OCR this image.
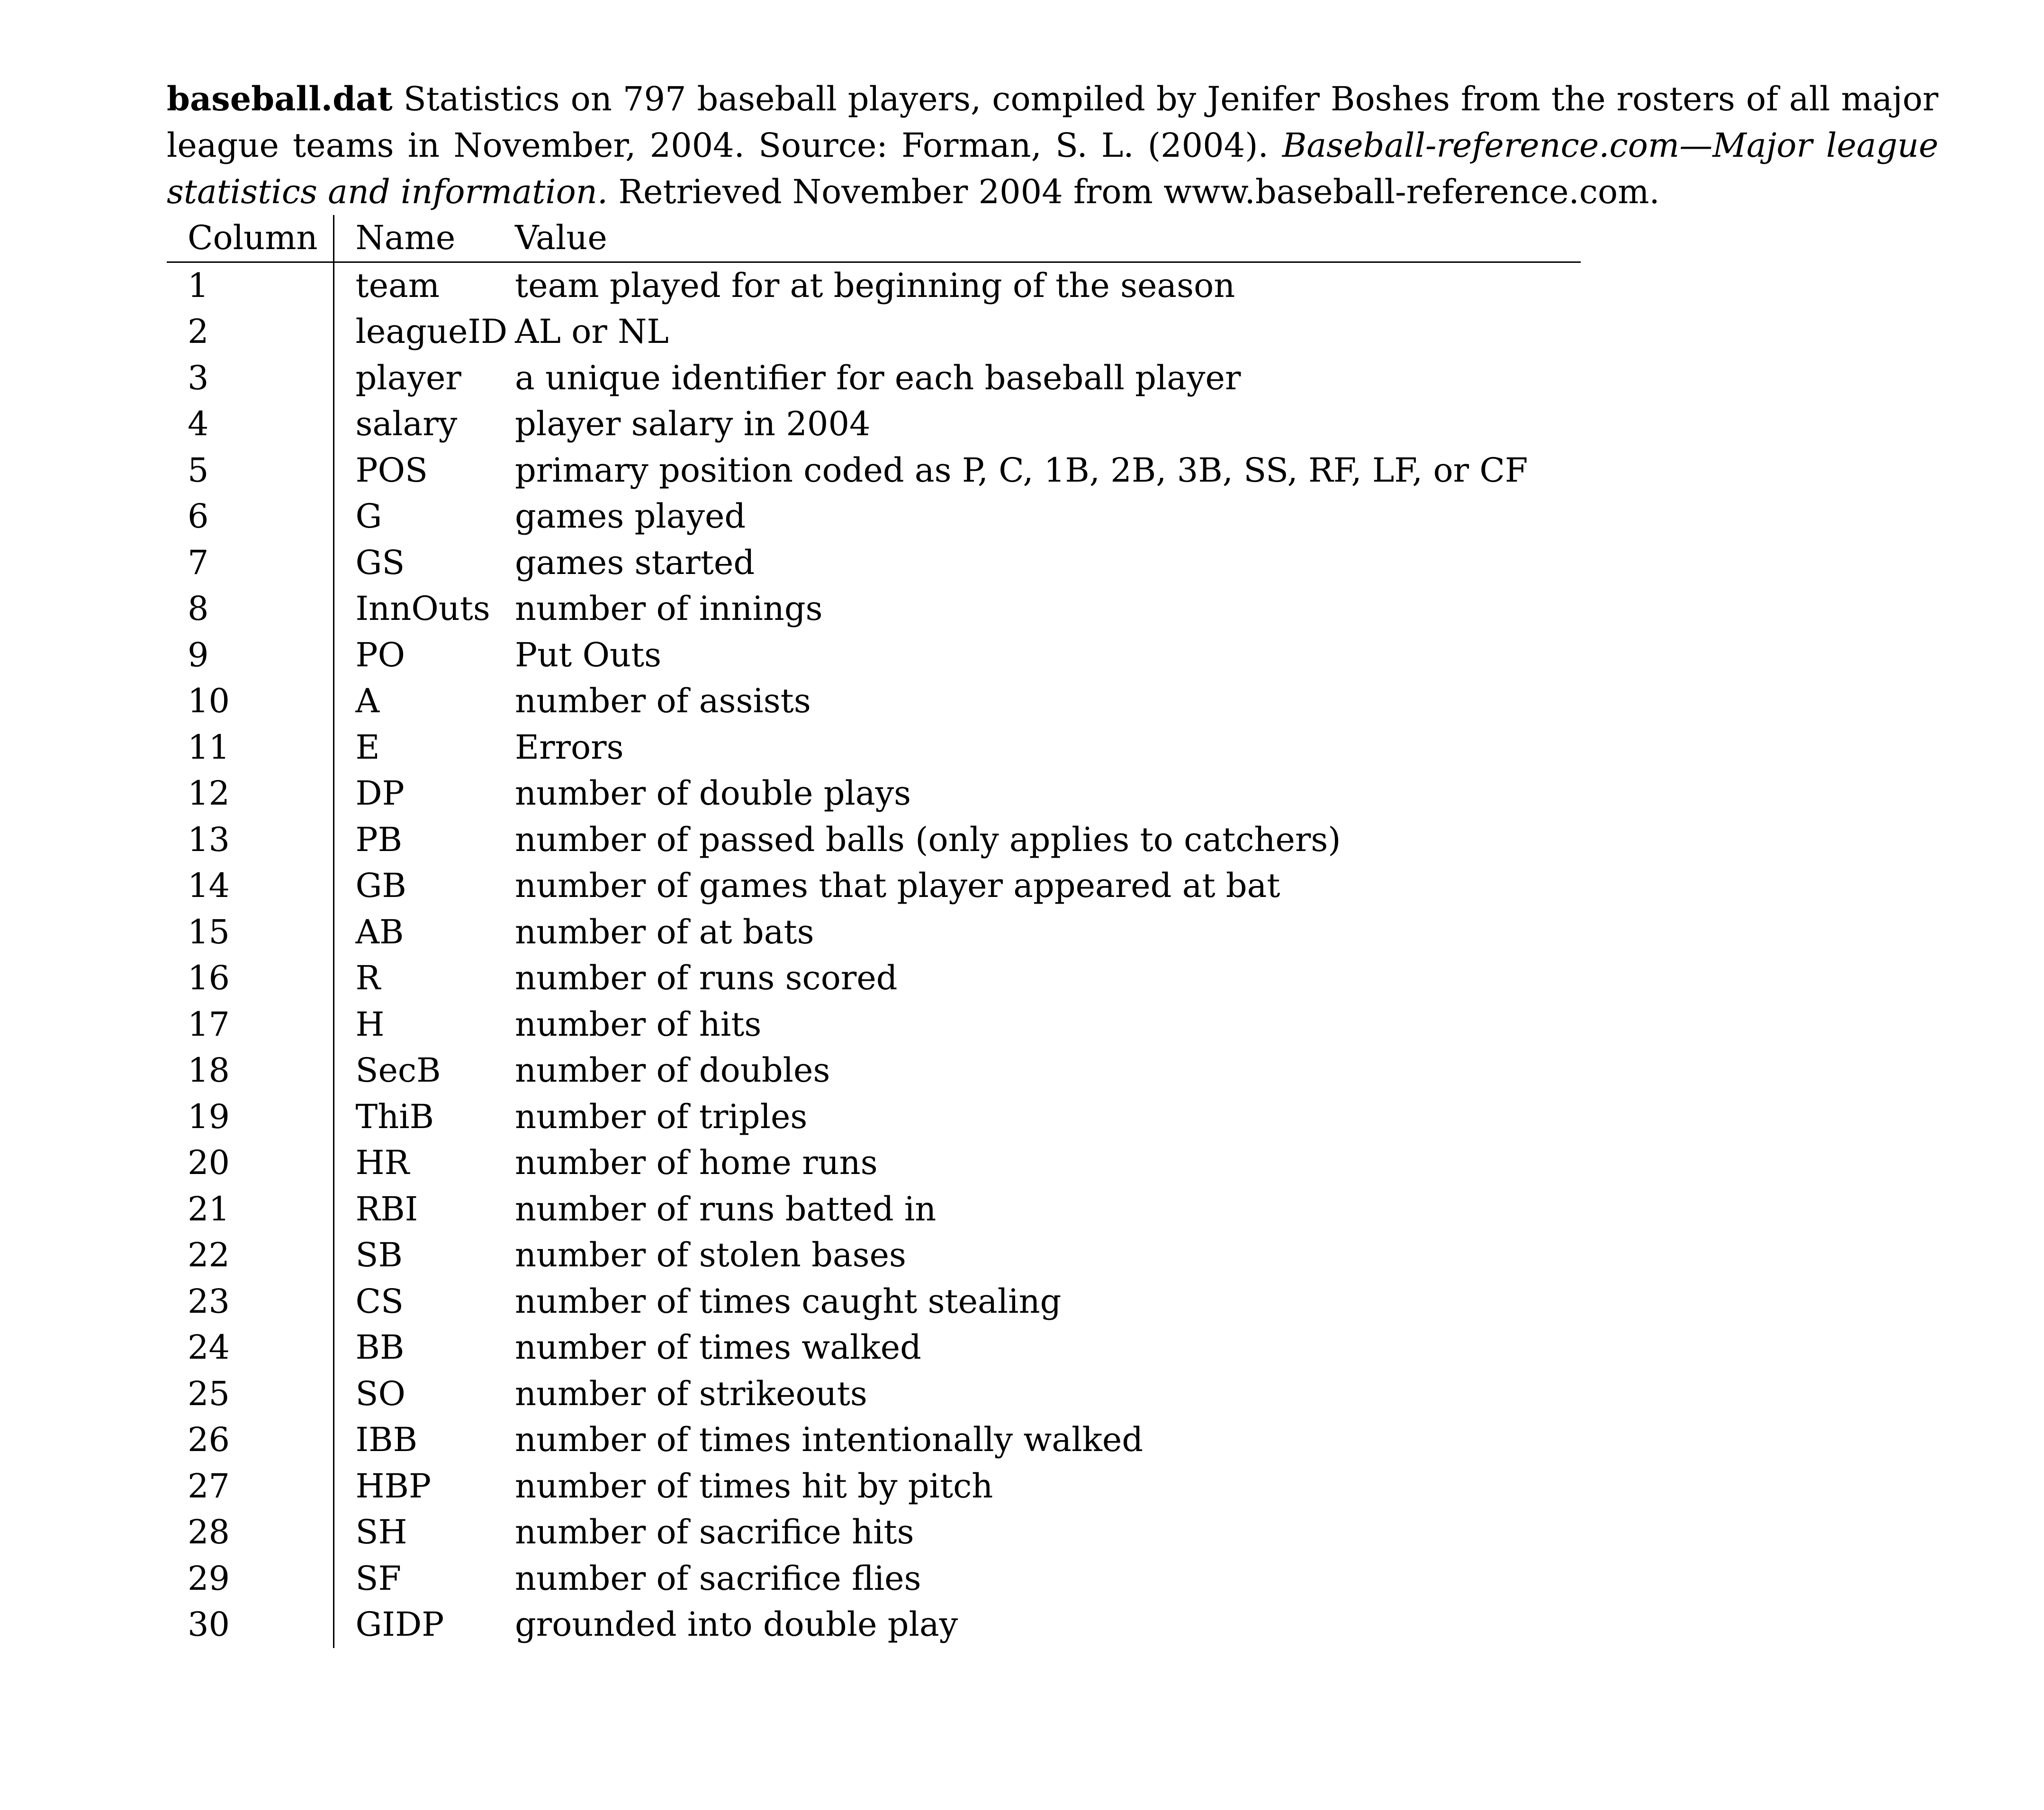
baseball.dat Statistics on 797 baseball players, compiled by Jenifer Boshes from the rosters of all major league teams in November, 2004. Source: Forman, S. L. (2004). Baseball-reference.com—Major league statistics and information. Retrieved November 2004 from www.baseball-reference.com.

Column	Name	Value
1	team	team played for at beginning of the season
2	leagueID	AL or NL
3	player	a unique identifier for each baseball player
4	salary	player salary in 2004
5	POS	primary position coded as P, C, 1B, 2B, 3B, SS, RF, LF, or CF
6	G	games played
7	GS	games started
8	InnOuts	number of innings
9	PO	Put Outs
10	A	number of assists
11	E	Errors
12	DP	number of double plays
13	PB	number of passed balls (only applies to catchers)
14	GB	number of games that player appeared at bat
15	AB	number of at bats
16	R	number of runs scored
17	H	number of hits
18	SecB	number of doubles
19	ThiB	number of triples
20	HR	number of home runs
21	RBI	number of runs batted in
22	SB	number of stolen bases
23	CS	number of times caught stealing
24	BB	number of times walked
25	SO	number of strikeouts
26	IBB	number of times intentionally walked
27	HBP	number of times hit by pitch
28	SH	number of sacrifice hits
29	SF	number of sacrifice flies
30	GIDP	grounded into double play
